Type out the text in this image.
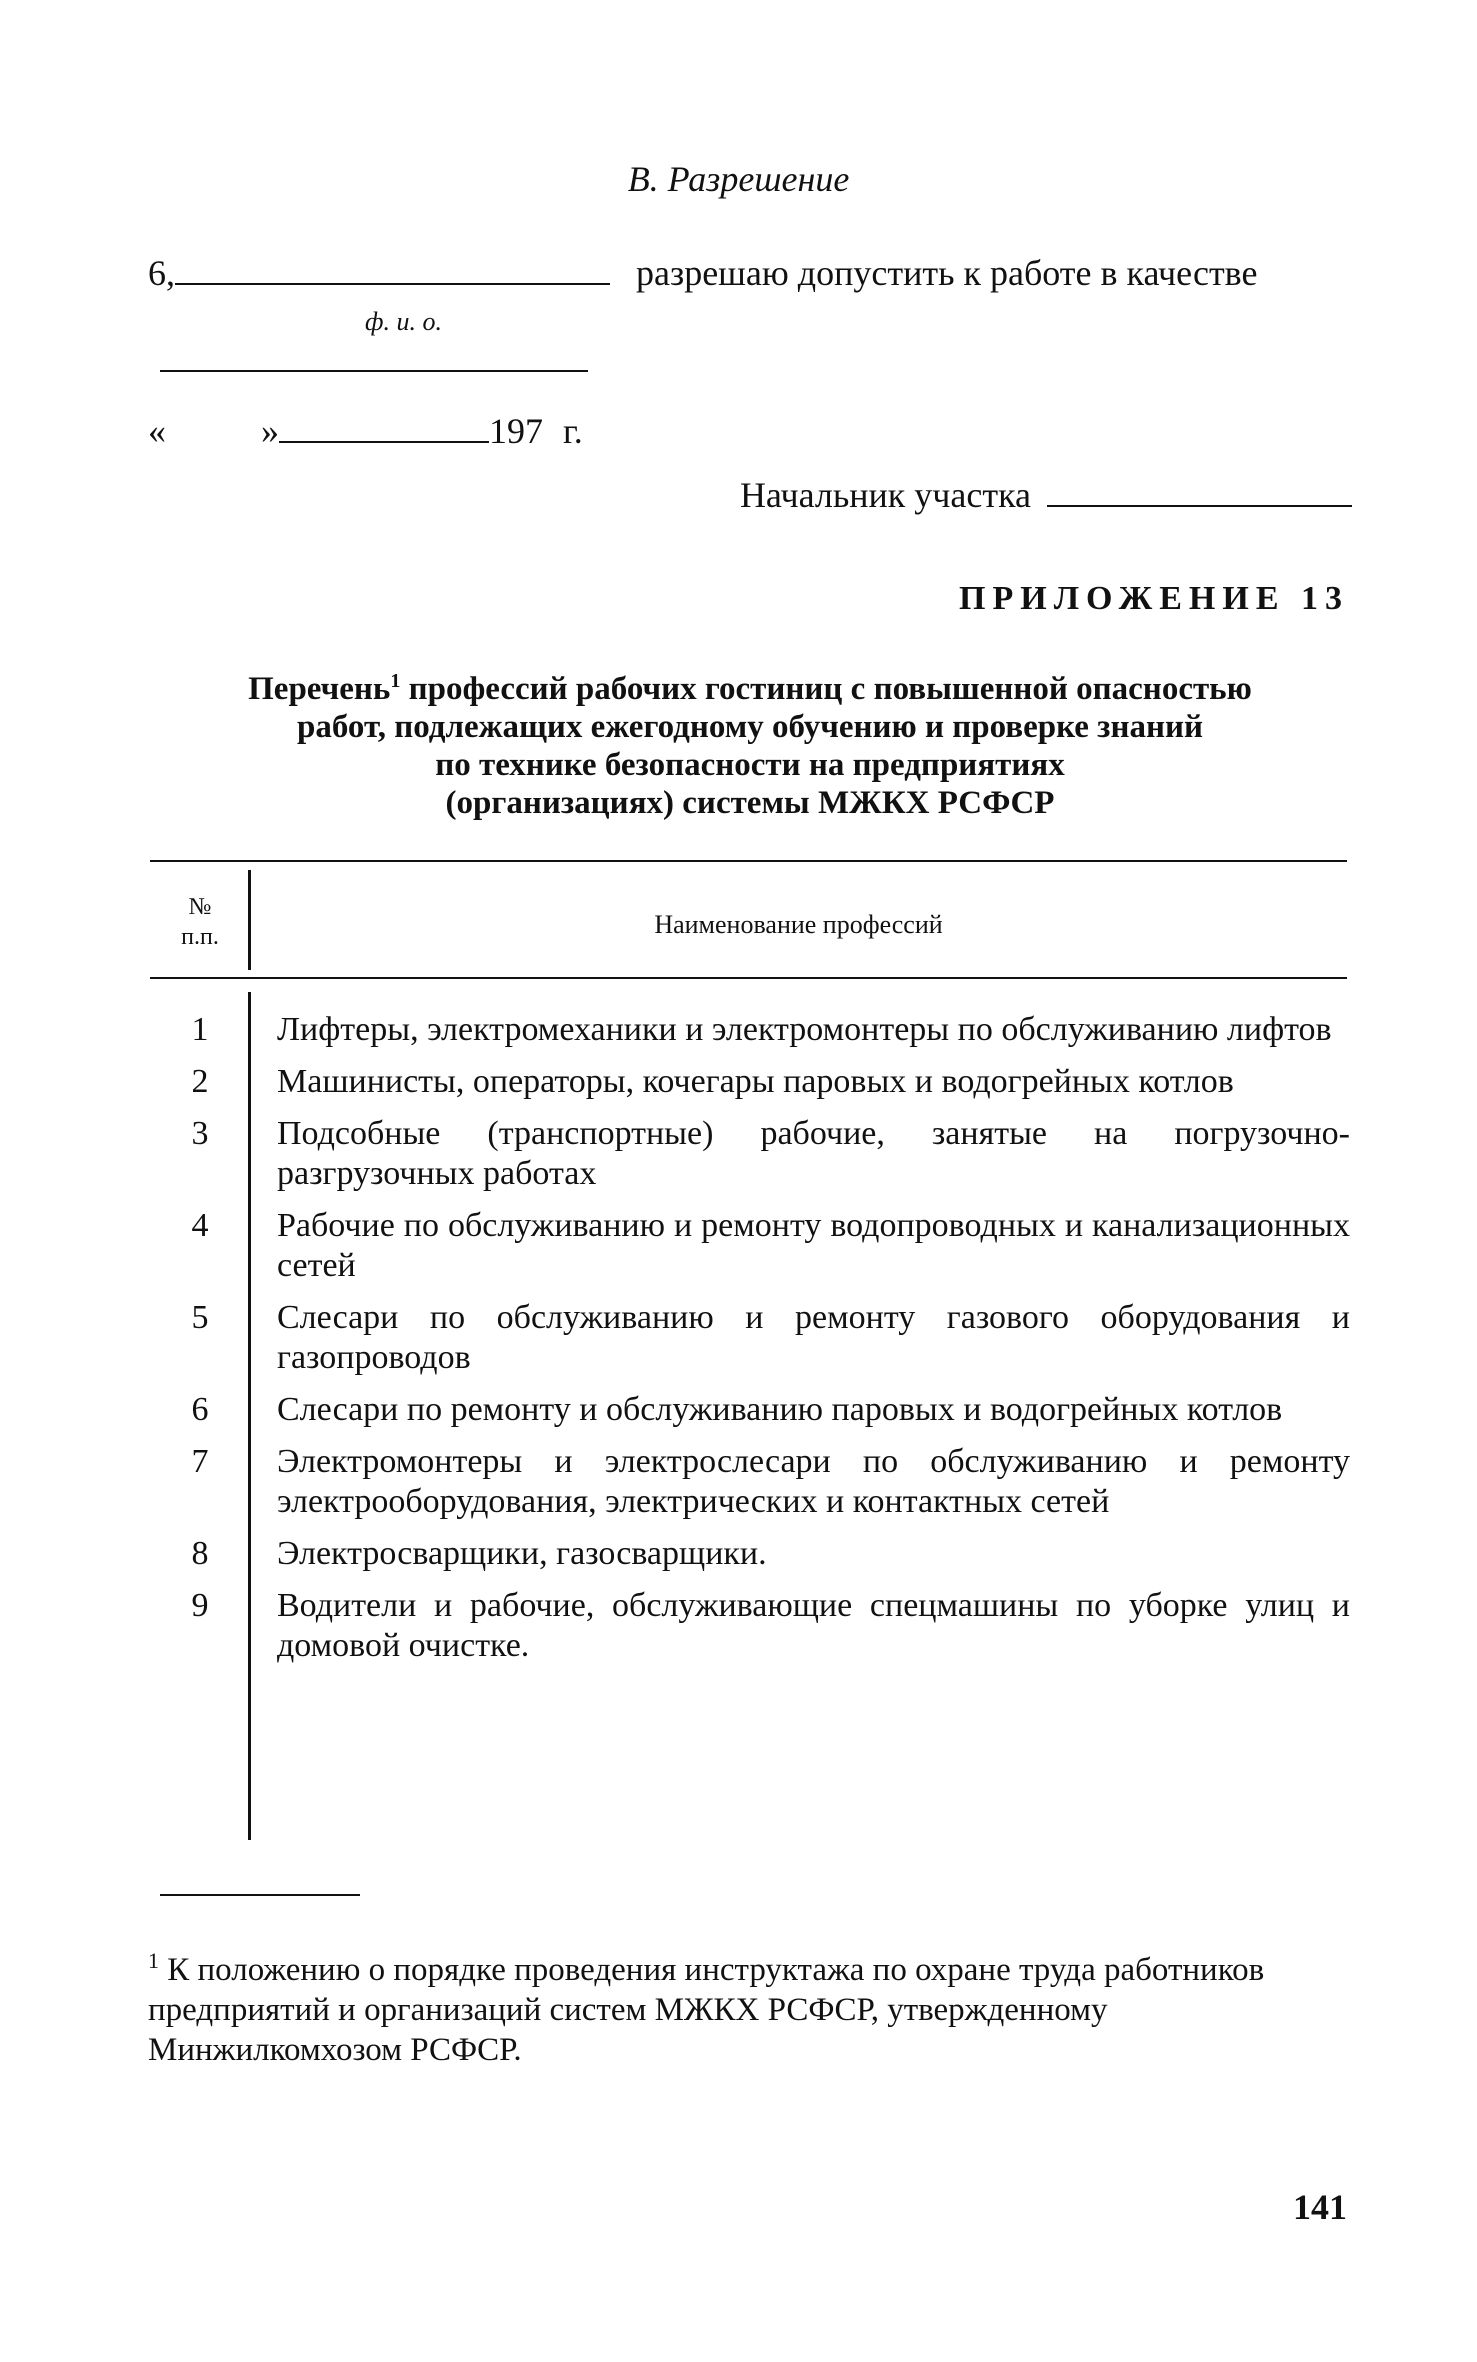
В. Разрешение
6,	разрешаю допустить к работе в качестве
ф. и. о.
«	»	197 г.
Начальник участка
ПРИЛОЖЕНИЕ 13
Перечень$^1$ профессий рабочих гостиниц с повышенной опасностью
работ, подлежащих ежегодному обучению и проверке знаний
по технике безопасности на предприятиях
(организациях) системы МЖКХ РСФСР
№
п.п.	Наименование профессий
1	Лифтеры, электромеханики и электромонтеры по обслуживанию лифтов
2	Машинисты, операторы, кочегары паровых и водогрейных котлов
3	Подсобные (транспортные) рабочие, занятые на погрузочно-разгрузочных работах
4	Рабочие по обслуживанию и ремонту водопроводных и канализационных сетей
5	Слесари по обслуживанию и ремонту газового оборудования и газопроводов
6	Слесари по ремонту и обслуживанию паровых и водогрейных котлов
7	Электромонтеры и электрослесари по обслуживанию и ремонту электрооборудования, электрических и контактных сетей
8	Электросварщики, газосварщики.
9	Водители и рабочие, обслуживающие спецмашины по уборке улиц и домовой очистке.
$^1$ К положению о порядке проведения инструктажа по охране труда работников предприятий и организаций систем МЖКХ РСФСР, утвержденному Минжилкомхозом РСФСР.
141
